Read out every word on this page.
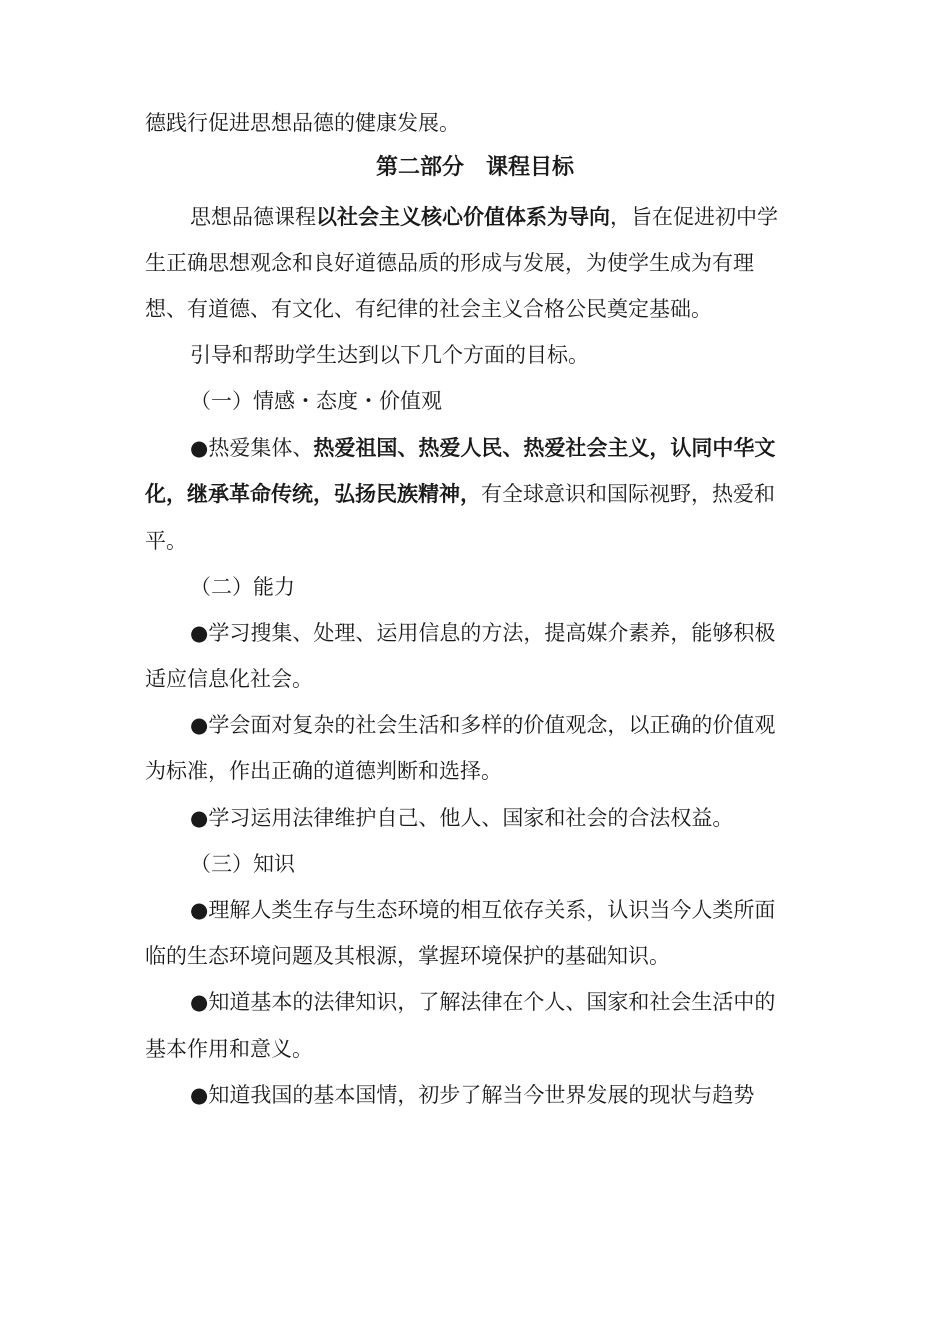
德践行促进思想品德的健康发展。
第二部分　课程目标
思想品德课程以社会主义核心价值体系为导向，旨在促进初中学
生正确思想观念和良好道德品质的形成与发展，为使学生成为有理
想、有道德、有文化、有纪律的社会主义合格公民奠定基础。
引导和帮助学生达到以下几个方面的目标。
（一）情感・态度・价值观
●热爱集体、热爱祖国、热爱人民、热爱社会主义，认同中华文
化，继承革命传统，弘扬民族精神，有全球意识和国际视野，热爱和
平。
（二）能力
●学习搜集、处理、运用信息的方法，提高媒介素养，能够积极
适应信息化社会。
●学会面对复杂的社会生活和多样的价值观念，以正确的价值观
为标准，作出正确的道德判断和选择。
●学习运用法律维护自己、他人、国家和社会的合法权益。
（三）知识
●理解人类生存与生态环境的相互依存关系，认识当今人类所面
临的生态环境问题及其根源，掌握环境保护的基础知识。
●知道基本的法律知识，了解法律在个人、国家和社会生活中的
基本作用和意义。
●知道我国的基本国情，初步了解当今世界发展的现状与趋势
